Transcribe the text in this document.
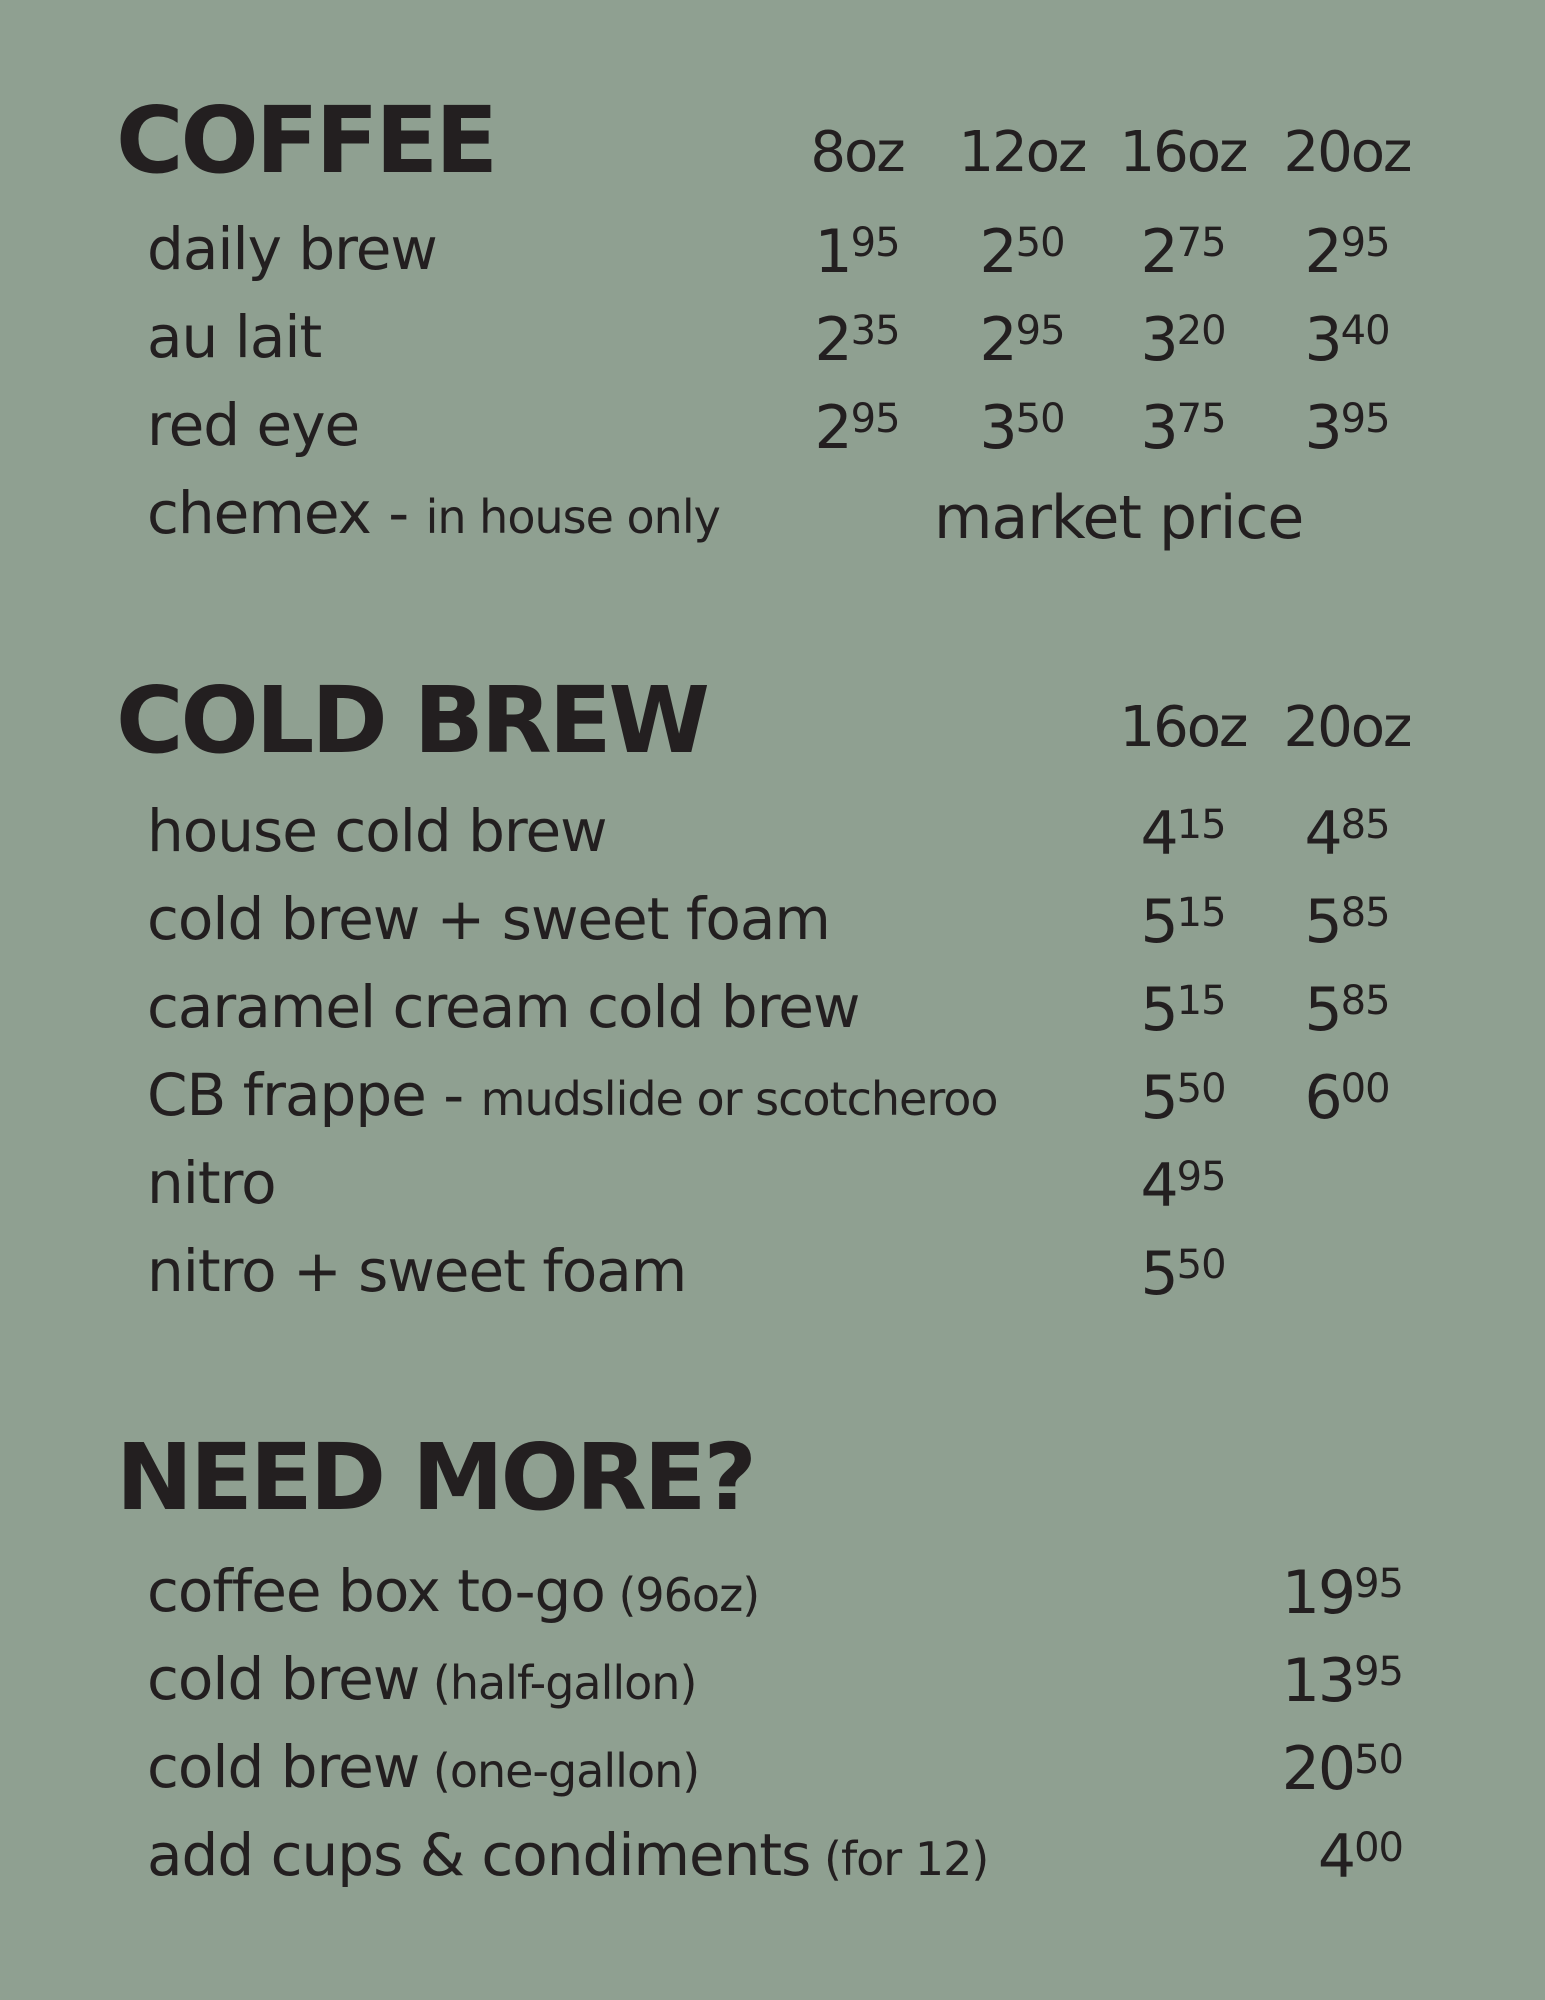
COFFEE	8oz 12oz 16oz 20oz
daily brew	$1^{95}$	$2^{50}$	$2^{75}$	$2^{95}$
au lait	$2^{35}$	$2^{95}$	$3^{20}$	$3^{40}$
red eye	$2^{95}$	$3^{50}$	$3^{75}$	$3^{95}$
chemex - in house only	market price
COLD BREW	16oz 20oz
house cold brew	$4^{15}$	$4^{85}$
cold brew + sweet foam	$5^{15}$	$5^{85}$
caramel cream cold brew	$5^{15}$	$5^{85}$
CB frappe - mudslide or scotcheroo	$5^{50}$	$6^{00}$
nitro	$4^{95}$
nitro + sweet foam	$5^{50}$
NEED MORE?
coffee box to-go (96oz)	$19^{95}$
cold brew (half-gallon)	$13^{95}$
cold brew (one-gallon)	$20^{50}$
add cups & condiments (for 12)	$4^{00}$
